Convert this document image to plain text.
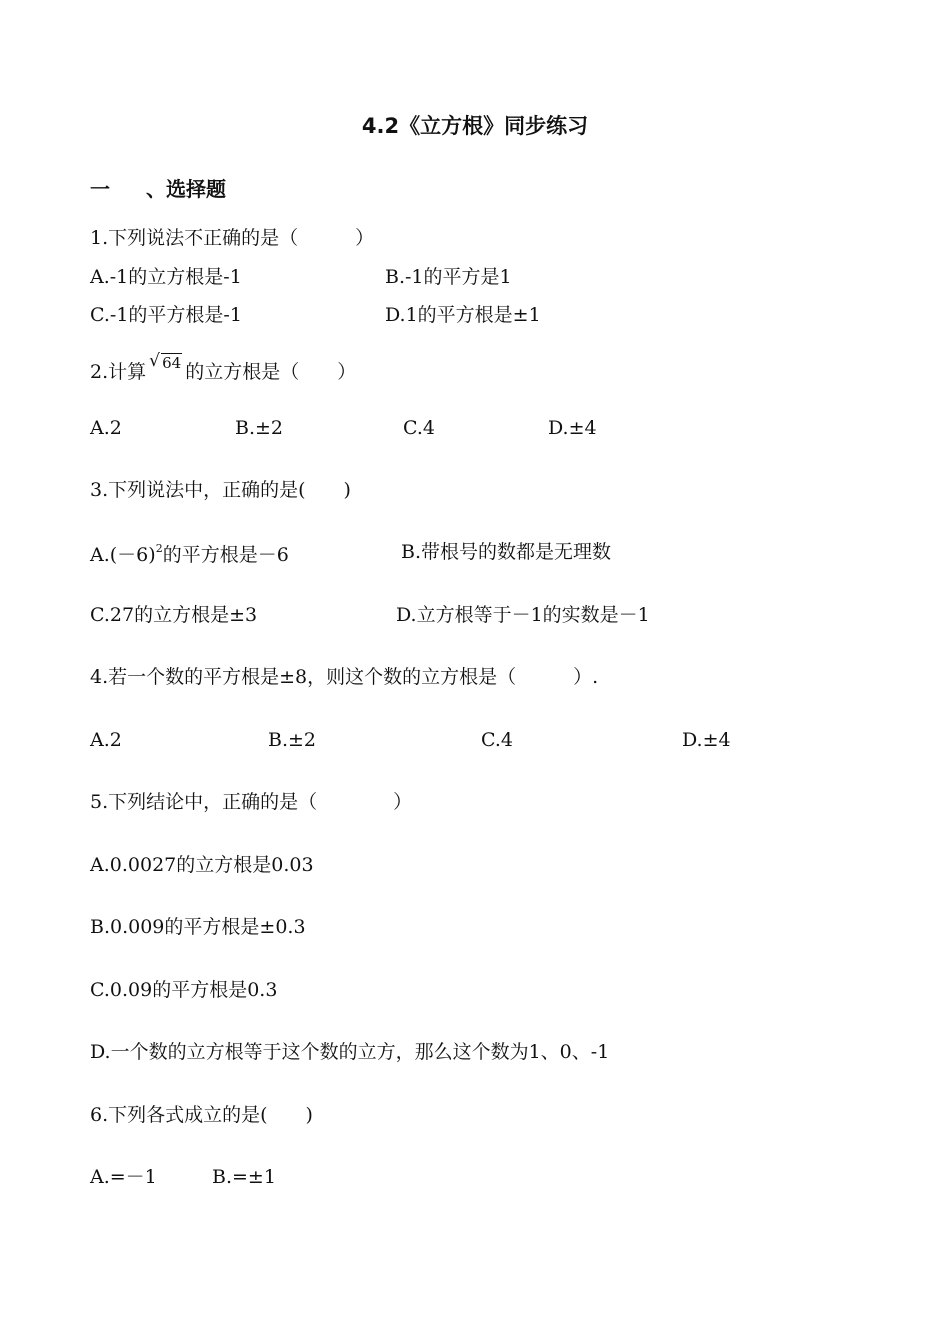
4.2《立方根》同步练习
一 、选择题
1.下列说法不正确的是（　　　）
A.-1的立方根是-1	B.-1的平方是1
C.-1的平方根是-1	D.1的平方根是±1
2.计算 √ 64 的立方根是（　　）
A.2	B.±2	C.4	D.±4
3.下列说法中，正确的是(　　)
$A.(-6)^2$的平方根是－6	B.带根号的数都是无理数
C.27的立方根是±3	D.立方根等于－1的实数是－1
4.若一个数的平方根是±8，则这个数的立方根是（　　　）.
A.2	B.±2	C.4	D.±4
5.下列结论中，正确的是（　　　　）
A.0.0027的立方根是0.03
B.0.009的平方根是±0.3
C.0.09的平方根是0.3
D.一个数的立方根等于这个数的立方，那么这个数为1、0、-1
6.下列各式成立的是(　　)
A.=－1	B.=±1
